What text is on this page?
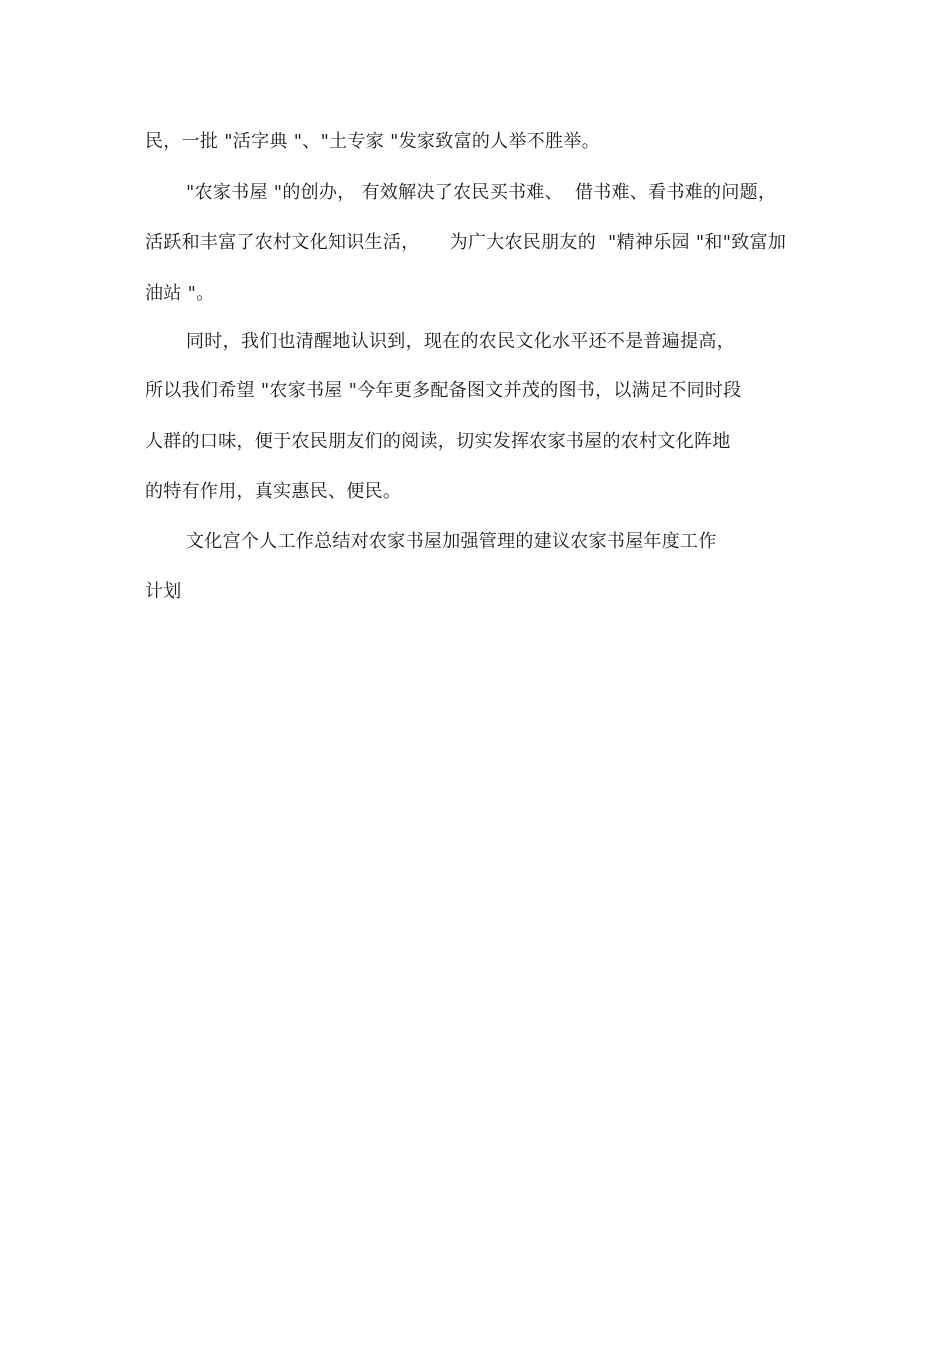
民，一批 "活字典 "、"土专家 "发家致富的人举不胜举。
"农家书屋 "的创办， 有效解决了农民买书难、  借书难、看书难的问题，
活跃和丰富了农村文化知识生活，     为广大农民朋友的  "精神乐园 "和"致富加
油站 "。
同时，我们也清醒地认识到，现在的农民文化水平还不是普遍提高，
所以我们希望 "农家书屋 "今年更多配备图文并茂的图书，以满足不同时段
人群的口味，便于农民朋友们的阅读，切实发挥农家书屋的农村文化阵地
的特有作用，真实惠民、便民。
文化宫个人工作总结对农家书屋加强管理的建议农家书屋年度工作
计划
